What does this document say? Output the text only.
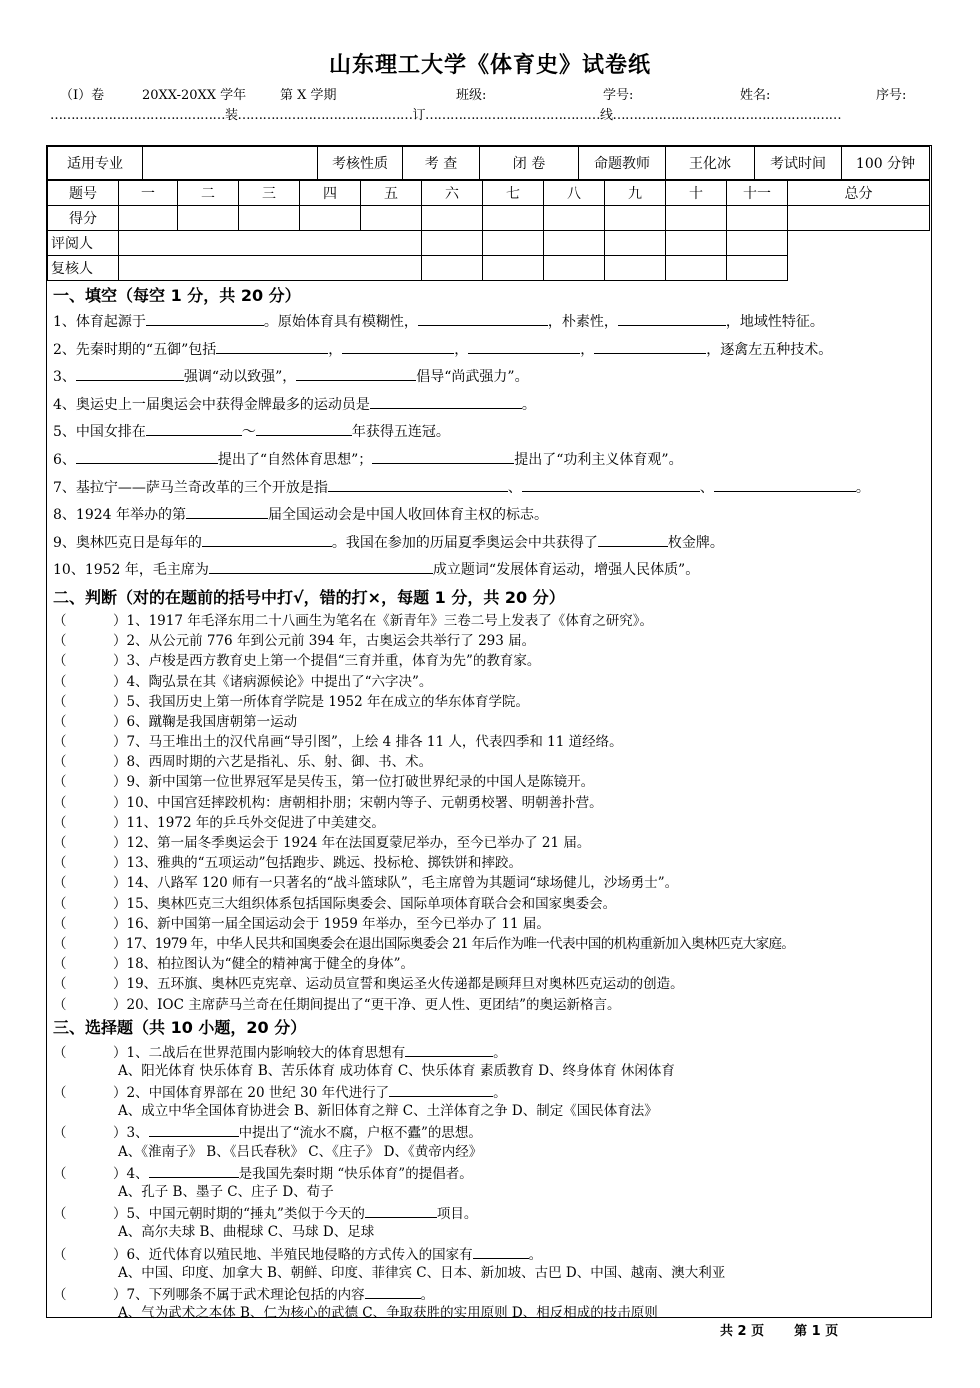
山东理工大学《体育史》试卷纸
（I）卷	20XX-20XX 学年	第 X 学期	班级:	学号:	姓名:	序号:
……………………………………装……………………………………订……………………………………线…………….…………………………………
适用专业		考核性质	考 查	闭 卷	命题教师	王化冰	考试时间	100 分钟
题号	一	二	三	四	五	六	七	八	九	十	十一	总分
得分												
评阅人												
复核人												
一、填空（每空 1 分，共 20 分）
1、体育起源于	。原始体育具有模糊性，	，朴素性，	，地域性特征。
2、先秦时期的“五御”包括	，	，	，	，逐禽左五种技术。
3、	强调“动以致强”，	倡导“尚武强力”。
4、奥运史上一届奥运会中获得金牌最多的运动员是	。
5、中国女排在	～	年获得五连冠。
6、	提出了“自然体育思想”；	提出了“功利主义体育观”。
7、基拉宁——萨马兰奇改革的三个开放是指	、	、	。
8、1924 年举办的第	届全国运动会是中国人收回体育主权的标志。
9、奥林匹克日是每年的	。我国在参加的历届夏季奥运会中共获得了	枚金牌。
10、1952 年，毛主席为	成立题词“发展体育运动，增强人民体质”。
二、判断（对的在题前的括号中打√，错的打×，每题 1 分，共 20 分）
（	）1、1917 年毛泽东用二十八画生为笔名在《新青年》三卷二号上发表了《体育之研究》。
（	）2、从公元前 776 年到公元前 394 年，古奥运会共举行了 293 届。
（	）3、卢梭是西方教育史上第一个提倡“三育并重，体育为先”的教育家。
（	）4、陶弘景在其《诸病源候论》中提出了“六字决”。
（	）5、我国历史上第一所体育学院是 1952 年在成立的华东体育学院。
（	）6、蹴鞠是我国唐朝第一运动
（	）7、马王堆出土的汉代帛画“导引图”，上绘 4 排各 11 人，代表四季和 11 道经络。
（	）8、西周时期的六艺是指礼、乐、射、御、书、术。
（	）9、新中国第一位世界冠军是吴传玉，第一位打破世界纪录的中国人是陈镜开。
（	）10、中国宫廷摔跤机构：唐朝相扑朋；宋朝内等子、元朝勇校署、明朝善扑营。
（	）11、1972 年的乒乓外交促进了中美建交。
（	）12、第一届冬季奥运会于 1924 年在法国夏蒙尼举办，至今已举办了 21 届。
（	）13、雅典的“五项运动”包括跑步、跳远、投标枪、掷铁饼和摔跤。
（	）14、八路军 120 师有一只著名的“战斗篮球队”，毛主席曾为其题词“球场健儿，沙场勇士”。
（	）15、奥林匹克三大组织体系包括国际奥委会、国际单项体育联合会和国家奥委会。
（	）16、新中国第一届全国运动会于 1959 年举办，至今已举办了 11 届。
（	）17、1979 年，中华人民共和国奥委会在退出国际奥委会 21 年后作为唯一代表中国的机构重新加入奥林匹克大家庭。
（	）18、柏拉图认为“健全的精神寓于健全的身体”。
（	）19、五环旗、奥林匹克宪章、运动员宣誓和奥运圣火传递都是顾拜旦对奥林匹克运动的创造。
（	）20、IOC 主席萨马兰奇在任期间提出了“更干净、更人性、更团结”的奥运新格言。
三、选择题（共 10 小题，20 分）
（	）1、二战后在世界范围内影响较大的体育思想有	。
A、阳光体育 快乐体育 B、苦乐体育 成功体育 C、快乐体育 素质教育 D、终身体育 休闲体育
（	）2、中国体育界部在 20 世纪 30 年代进行了	。
A、成立中华全国体育协进会 B、新旧体育之辩 C、土洋体育之争 D、制定《国民体育法》
（	）3、	中提出了“流水不腐，户枢不蠹”的思想。
A、《淮南子》 B、《吕氏春秋》 C、《庄子》 D、《黄帝内经》
（	）4、	是我国先秦时期 “快乐体育”的提倡者。
A、孔子 B、墨子 C、庄子 D、荀子
（	）5、中国元朝时期的“捶丸”类似于今天的	项目。
A、高尔夫球 B、曲棍球 C、马球 D、足球
（	）6、近代体育以殖民地、半殖民地侵略的方式传入的国家有	。
A、中国、印度、加拿大 B、朝鲜、印度、菲律宾 C、日本、新加坡、古巴 D、中国、越南、澳大利亚
（	）7、下列哪条不属于武术理论包括的内容	。
A、气为武术之本体 B、仁为核心的武德 C、争取获胜的实用原则 D、相反相成的技击原则
共 2 页 第 1 页
